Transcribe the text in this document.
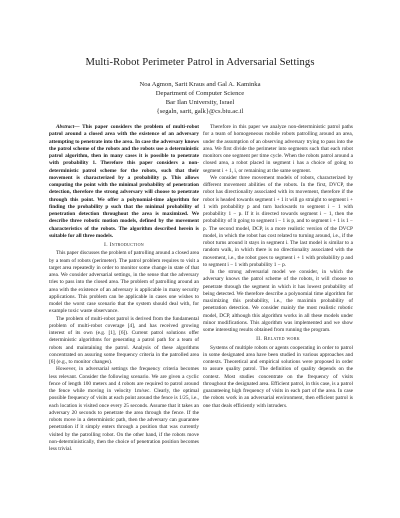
Multi-Robot Perimeter Patrol in Adversarial Settings
Noa Agmon, Sarit Kraus and Gal A. Kaminka
Department of Computer Science
Bar Ilan University, Israel
{segaln, sarit, galk}@cs.biu.ac.il

Abstract— This paper considers the problem of multi-robot patrol around a closed area with the existence of an adversary attempting to penetrate into the area. In case the adversary knows the patrol scheme of the robots and the robots use a deterministic patrol algorithm, then in many cases it is possible to penetrate with probability 1. Therefore this paper considers a non-deterministic patrol scheme for the robots, such that their movement is characterized by a probability p. This allows computing the point with the minimal probability of penetration detection, therefore the strong adversary will choose to penetrate through this point. We offer a polynomial-time algorithm for finding the probability p such that the minimal probability of penetration detection throughout the area is maximized. We describe three robotic motion models, defined by the movement characteristics of the robots. The algorithm described herein is suitable for all three models.

I. Introduction

This paper discusses the problem of patrolling around a closed area by a team of robots (perimeter). The patrol problem requires to visit a target area repeatedly in order to monitor some change in state of that area. We consider adversarial settings, in the sense that the adversary tries to pass into the closed area. The problem of patrolling around an area with the existence of an adversary is applicable in many security applications. This problem can be applicable in cases one wishes to model the worst case scenario that the system should deal with, for example toxic waste observance.

The problem of multi-robot patrol is derived from the fundamental problem of multi-robot coverage [4], and has received growing interest of its own (e.g. [1], [6]). Current patrol solutions offer deterministic algorithms for generating a patrol path for a team of robots and maintaining the patrol. Analysis of these algorithms concentrated on assuring some frequency criteria in the patrolled area [6] (e.g., to monitor changes).

However, in adversarial settings the frequency criteria becomes less relevant. Consider the following scenario. We are given a cyclic fence of length 100 meters and 4 robots are required to patrol around the fence while moving in velocity 1m/sec. Clearly, the optimal possible frequency of visits at each point around the fence is 1/25, i.e., each location is visited once every 25 seconds. Assume that it takes an adversary 20 seconds to penetrate the area through the fence. If the robots move in a deterministic path, then the adversary can guarantee penetration if it simply enters through a position that was currently visited by the patrolling robot. On the other hand, if the robots move non-deterministically, then the choice of penetration position becomes less trivial.

Therefore in this paper we analyze non-deterministic patrol paths for a team of homogeneous mobile robots patrolling around an area, under the assumption of an observing adversary trying to pass into the area. We first divide the perimeter into segments such that each robot monitors one segment per time cycle. When the robots patrol around a closed area, a robot placed in segment i has a choice of going to segment i + 1, i, or remaining at the same segment.

We consider three movement models of robots, characterized by different movement abilities of the robots. In the first, DVCP, the robot has directionality associated with its movement, therefore if the robot is headed towards segment i + 1 it will go straight to segment i + 1 with probability p and turn backwards to segment i − 1 with probability 1 − p. If it is directed towards segment i − 1, then the probability of it going to segment i − 1 is p, and to segment i + 1 is 1 − p. The second model, DCP, is a more realistic version of the DVCP model, in which the robot has cost related to turning around, i.e., if the robot turns around it stays in segment i. The last model is similar to a random walk, in which there is no directionality associated with the movement, i.e., the robot goes to segment i + 1 with probability p and to segment i − 1 with probability 1 − p.

In the strong adversarial model we consider, in which the adversary knows the patrol scheme of the robots, it will choose to penetrate through the segment in which it has lowest probability of being detected. We therefore describe a polynomial time algorithm for maximizing this probability, i.e., the maximin probability of penetration detection. We consider mainly the most realistic robotic model, DCP, although this algorithm works in all these models under minor modifications. This algorithm was implemented and we show some interesting results obtained from running the program.

II. Related work

Systems of multiple robots or agents cooperating in order to patrol in some designated area have been studied in various approaches and contexts. Theoretical and empirical solutions were proposed in order to assure quality patrol. The definition of quality depends on the context. Most studies concentrate on the frequency of visits throughout the designated area. Efficient patrol, in this case, is a patrol guaranteeing high frequency of visits in each part of the area. In case the robots work in an adversarial environment, then efficient patrol is one that deals efficiently with intruders.
